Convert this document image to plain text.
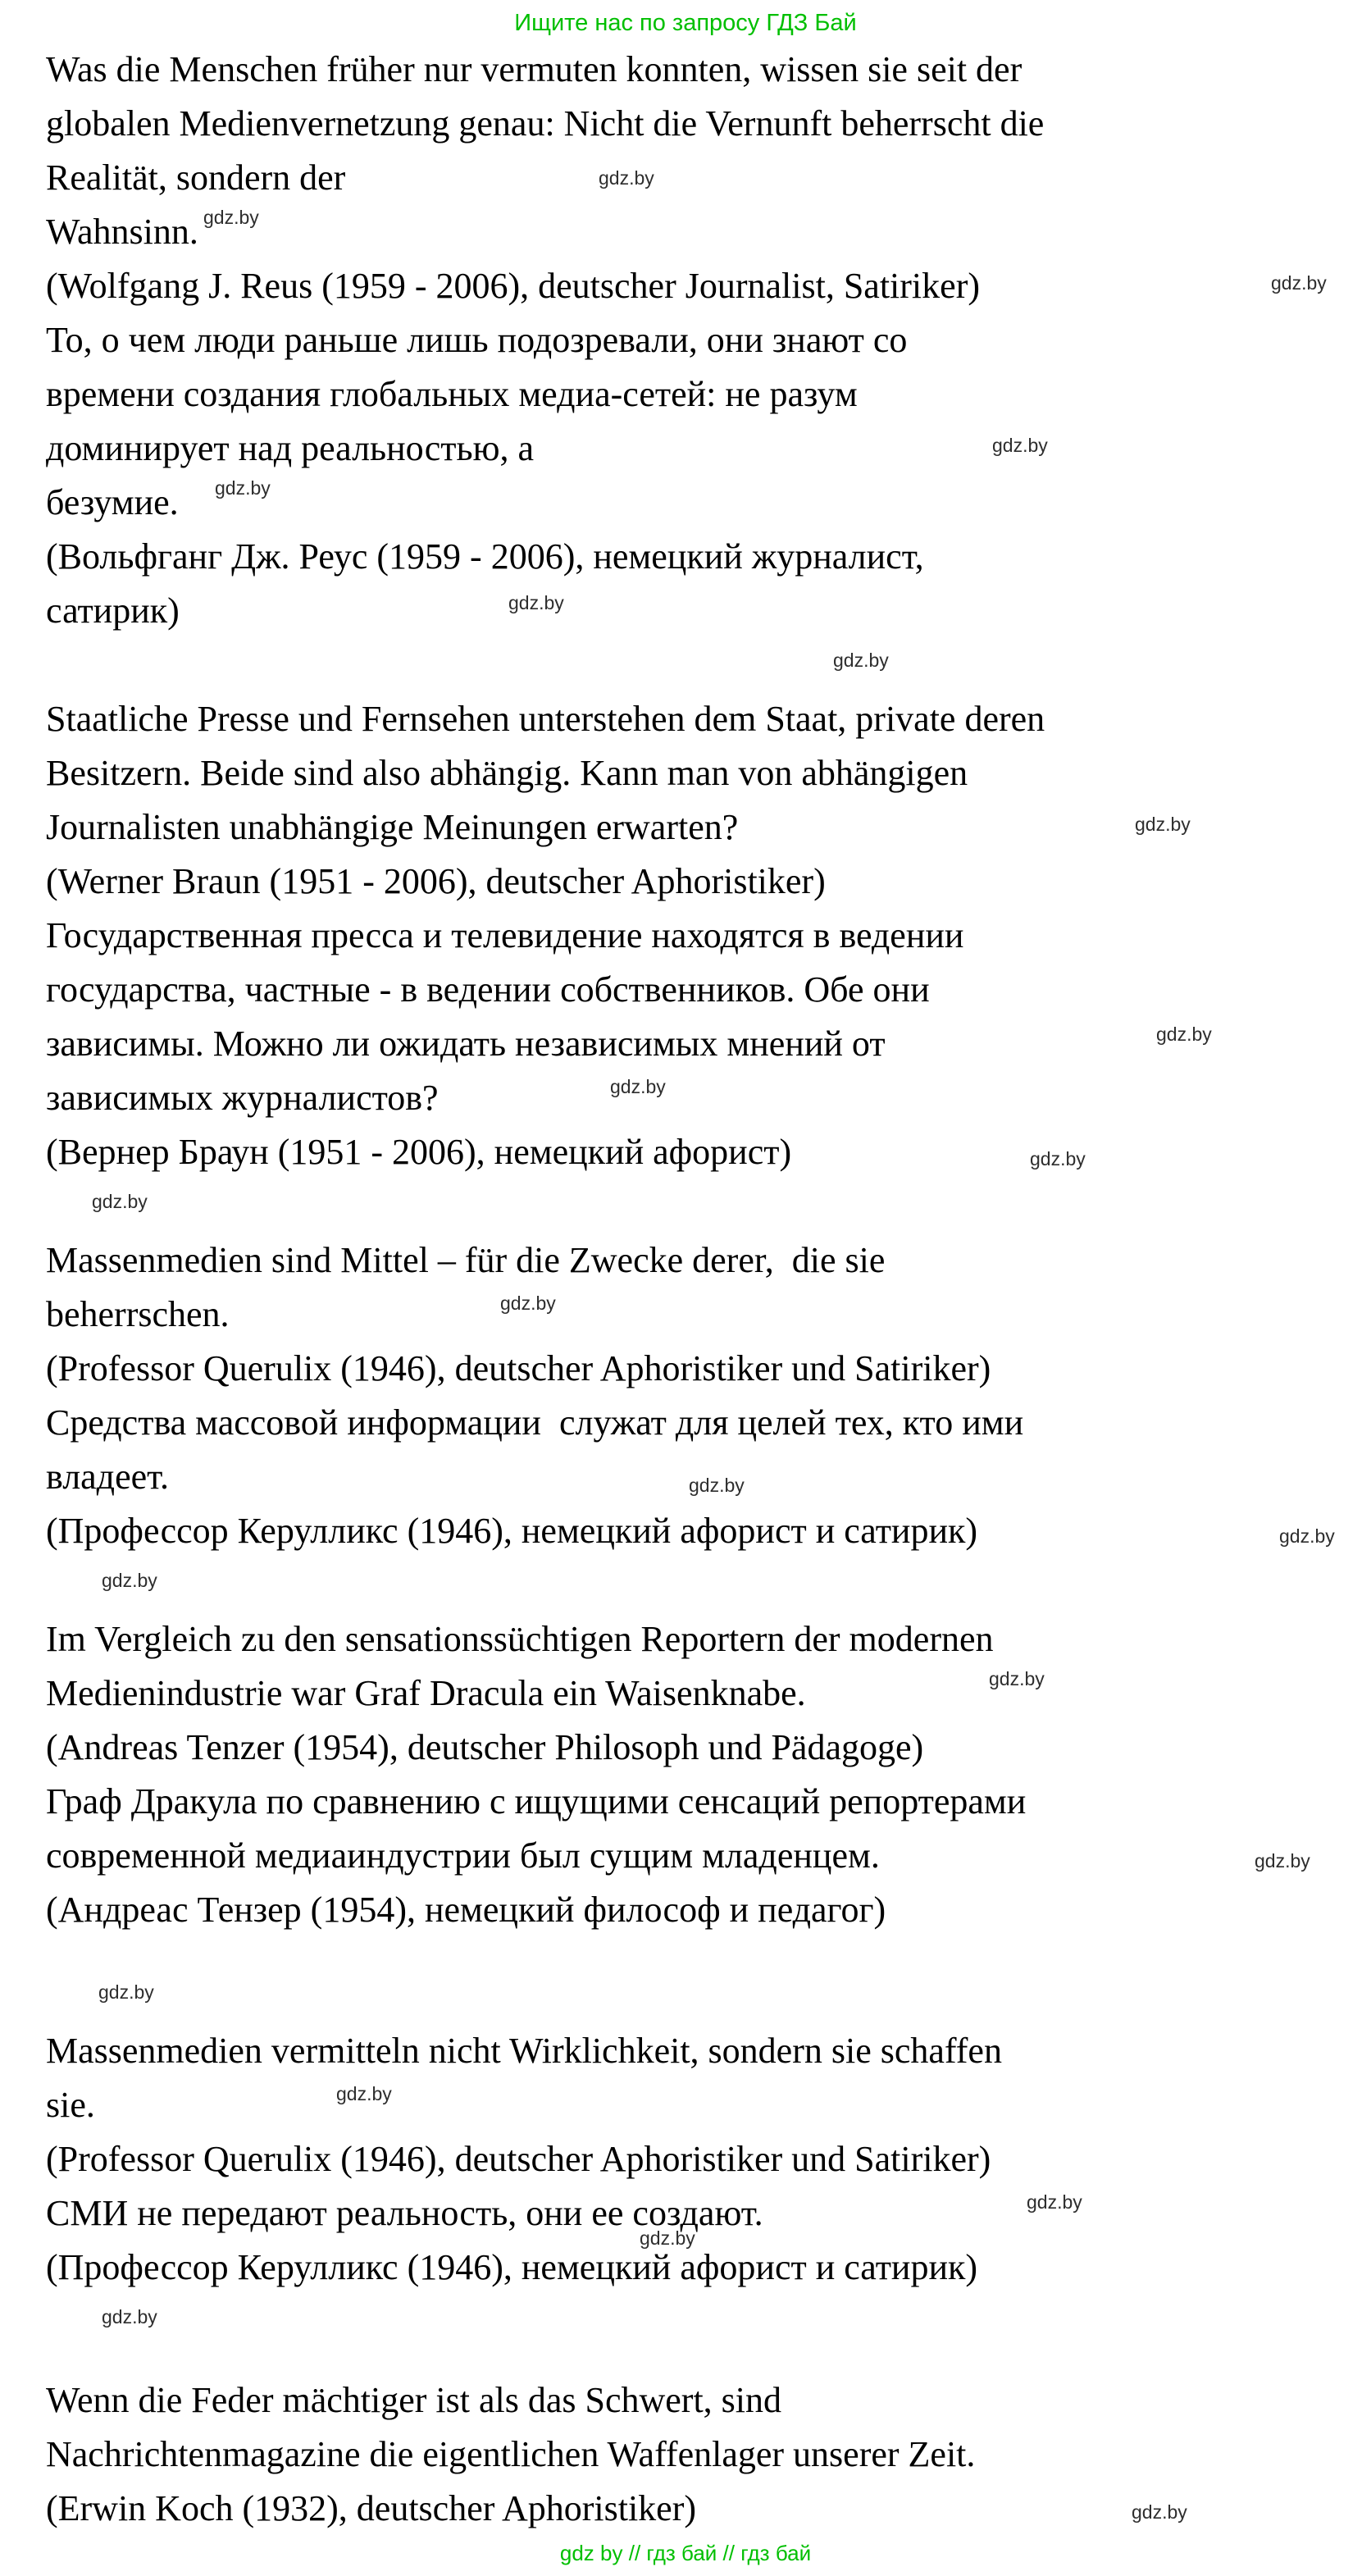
Ищите нас по запросу ГДЗ Бай
Was die Menschen früher nur vermuten konnten, wissen sie seit der
globalen Medienvernetzung genau: Nicht die Vernunft beherrscht die
Realität, sondern der	gdz.by
Wahnsinn. gdz.by
(Wolfgang J. Reus (1959 - 2006), deutscher Journalist, Satiriker)	gdz.by
То, о чем люди раньше лишь подозревали, они знают со
времени создания глобальных медиа-сетей: не разум
доминирует над реальностью, а	gdz.by
безумие. gdz.by
(Вольфганг Дж. Реус (1959 - 2006), немецкий журналист,
сатирик)	gdz.by
gdz.by
Staatliche Presse und Fernsehen unterstehen dem Staat, private deren
Besitzern. Beide sind also abhängig. Kann man von abhängigen
Journalisten unabhängige Meinungen erwarten?	gdz.by
(Werner Braun (1951 - 2006), deutscher Aphoristiker)
Государственная пресса и телевидение находятся в ведении
государства, частные - в ведении собственников. Обе они
зависимы. Можно ли ожидать независимых мнений от	gdz.by
зависимых журналистов?	gdz.by
(Вернер Браун (1951 - 2006), немецкий афорист)	gdz.by
gdz.by
Massenmedien sind Mittel – für die Zwecke derer,  die sie
beherrschen.	gdz.by
(Professor Querulix (1946), deutscher Aphoristiker und Satiriker)
Средства массовой информации  служат для целей тех, кто ими
владеет.	gdz.by
(Профессор Керулликс (1946), немецкий афорист и сатирик)	gdz.by
gdz.by
Im Vergleich zu den sensationssüchtigen Reportern der modernen
Medienindustrie war Graf Dracula ein Waisenknabe.	gdz.by
(Andreas Tenzer (1954), deutscher Philosoph und Pädagoge)
Граф Дракула по сравнению с ищущими сенсаций репортерами
современной медиаиндустрии был сущим младенцем.	gdz.by
(Андреас Тензер (1954), немецкий философ и педагог)
gdz.by
Massenmedien vermitteln nicht Wirklichkeit, sondern sie schaffen
sie.	gdz.by
(Professor Querulix (1946), deutscher Aphoristiker und Satiriker)
СМИ не передают реальность, они ее создают.	gdz.by
(Профессор Керулликс (1946), немецкий афорист и сатирик)
gdz.by
gdz.by
Wenn die Feder mächtiger ist als das Schwert, sind
Nachrichtenmagazine die eigentlichen Waffenlager unserer Zeit.
(Erwin Koch (1932), deutscher Aphoristiker)	gdz.by
gdz by // гдз бай // гдз бай
